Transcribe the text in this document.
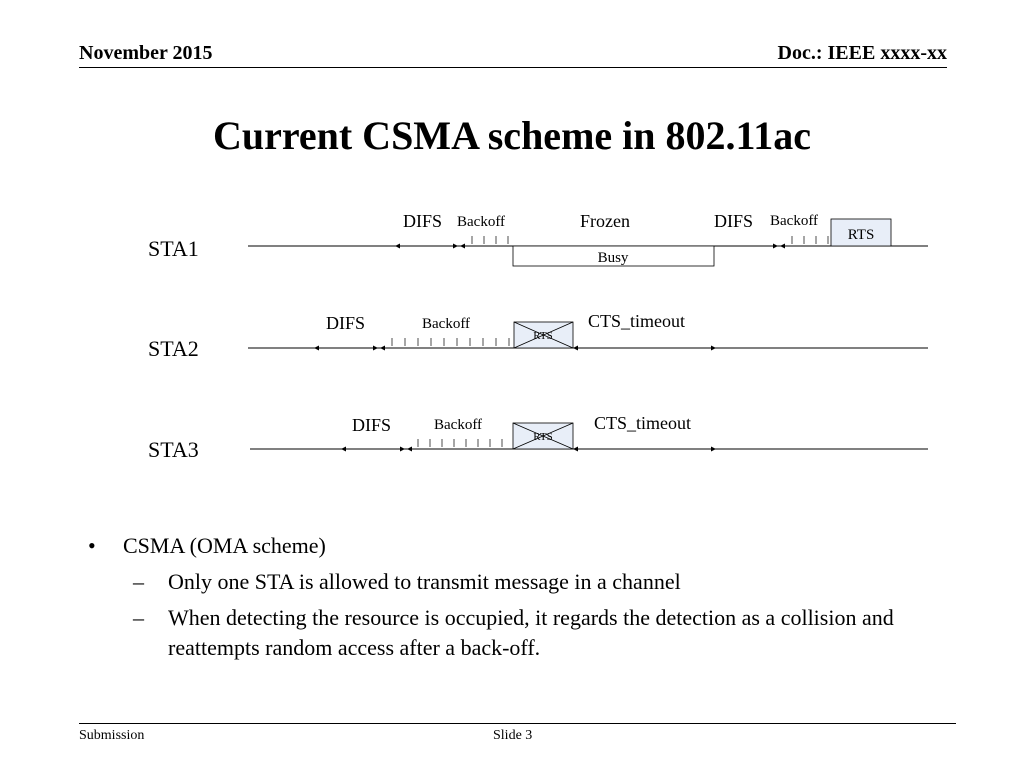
November 2015	Doc.: IEEE xxxx-xx
Current CSMA scheme in 802.11ac
STA1
DIFS Backoff	Frozen
Busy
DIFS Backoff
RTS
STA2
DIFS	Backoff
RTS
CTS_timeout
STA3
DIFS	Backoff
RTS
CTS_timeout
• CSMA (OMA scheme)
– Only one STA is allowed to transmit message in a channel
– When detecting the resource is occupied, it regards the detection as a collision and reattempts random access after a back-off.
Submission	Slide 3
